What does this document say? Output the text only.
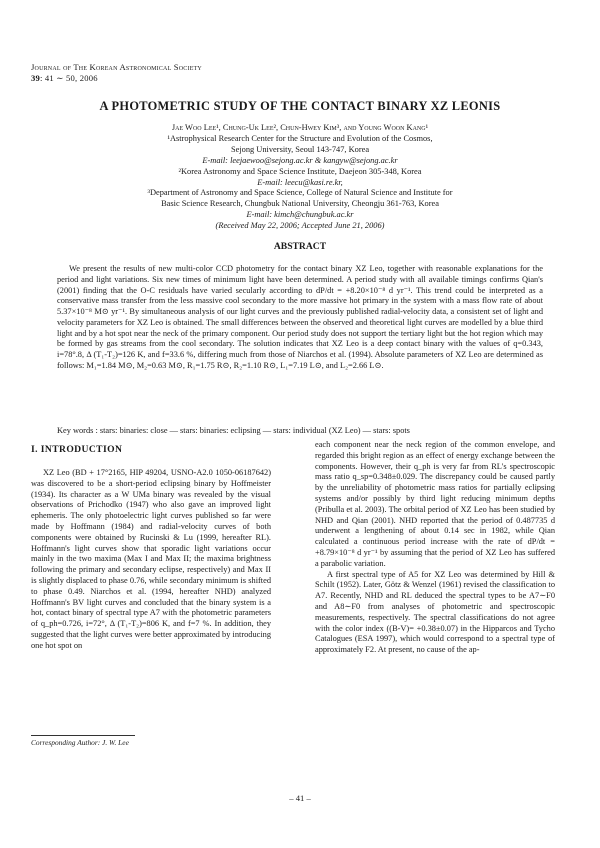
Journal of The Korean Astronomical Society
39: 41 ∼ 50, 2006
A PHOTOMETRIC STUDY OF THE CONTACT BINARY XZ LEONIS
Jae Woo Lee¹, Chung-Uk Lee², Chun-Hwey Kim³, and Young Woon Kang¹
¹Astrophysical Research Center for the Structure and Evolution of the Cosmos,
Sejong University, Seoul 143-747, Korea
E-mail: leejaewoo@sejong.ac.kr & kangyw@sejong.ac.kr
²Korea Astronomy and Space Science Institute, Daejeon 305-348, Korea
E-mail: leecu@kasi.re.kr,
³Department of Astronomy and Space Science, College of Natural Science and Institute for
Basic Science Research, Chungbuk National University, Cheongju 361-763, Korea
E-mail: kimch@chungbuk.ac.kr
(Received May 22, 2006; Accepted June 21, 2006)
ABSTRACT

We present the results of new multi-color CCD photometry for the contact binary XZ Leo, together with reasonable explanations for the period and light variations. Six new times of minimum light have been determined. A period study with all available timings confirms Qian's (2001) finding that the O-C residuals have varied secularly according to dP/dt = +8.20×10⁻⁸ d yr⁻¹. This trend could be interpreted as a conservative mass transfer from the less massive cool secondary to the more massive hot primary in the system with a mass flow rate of about 5.37×10⁻⁸ M⊙ yr⁻¹. By simultaneous analysis of our light curves and the previously published radial-velocity data, a consistent set of light and velocity parameters for XZ Leo is obtained. The small differences between the observed and theoretical light curves are modelled by a blue third light and by a hot spot near the neck of the primary component. Our period study does not support the tertiary light but the hot region which may be formed by gas streams from the cool secondary. The solution indicates that XZ Leo is a deep contact binary with the values of q=0.343, i=78°.8, Δ (T₁-T₂)=126 K, and f=33.6 %, differing much from those of Niarchos et al. (1994). Absolute parameters of XZ Leo are determined as follows: M₁=1.84 M⊙, M₂=0.63 M⊙, R₁=1.75 R⊙, R₂=1.10 R⊙, L₁=7.19 L⊙, and L₂=2.66 L⊙.

Key words : stars: binaries: close — stars: binaries: eclipsing — stars: individual (XZ Leo) — stars: spots
I. INTRODUCTION

XZ Leo (BD + 17°2165, HIP 49204, USNO-A2.0 1050-06187642) was discovered to be a short-period eclipsing binary by Hoffmeister (1934). Its character as a W UMa binary was revealed by the visual observations of Prichodko (1947) who also gave an improved light ephemeris. The only photoelectric light curves published so far were made by Hoffmann (1984) and radial-velocity curves of both components were obtained by Rucinski & Lu (1999, hereafter RL). Hoffmann's light curves show that sporadic light variations occur mainly in the two maxima (Max I and Max II; the maxima brightness following the primary and secondary eclipse, respectively) and Max II is slightly displaced to phase 0.76, while secondary minimum is shifted to phase 0.49. Niarchos et al. (1994, hereafter NHD) analyzed Hoffmann's BV light curves and concluded that the binary system is a hot, contact binary of spectral type A7 with the photometric parameters of q_ph=0.726, i=72°, Δ (T₁-T₂)=806 K, and f=7 %. In addition, they suggested that the light curves were better approximated by introducing one hot spot on

each component near the neck region of the common envelope, and regarded this bright region as an effect of energy exchange between the components. However, their q_ph is very far from RL's spectroscopic mass ratio q_sp=0.348±0.029. The discrepancy could be caused partly by the unreliability of photometric mass ratios for partially eclipsing systems and/or possibly by third light reducing minimum depths (Pribulla et al. 2003). The orbital period of XZ Leo has been studied by NHD and Qian (2001). NHD reported that the period of 0.487735 d underwent a lengthening of about 0.14 sec in 1982, while Qian calculated a continuous period increase with the rate of dP/dt = +8.79×10⁻⁸ d yr⁻¹ by assuming that the period of XZ Leo has suffered a parabolic variation.

A first spectral type of A5 for XZ Leo was determined by Hill & Schilt (1952). Later, Götz & Wenzel (1961) revised the classification to A7. Recently, NHD and RL deduced the spectral types to be A7∼F0 and A8∼F0 from analyses of photometric and spectroscopic measurements, respectively. The spectral classifications do not agree with the color index ((B-V)= +0.38±0.07) in the Hipparcos and Tycho Catalogues (ESA 1997), which would correspond to a spectral type of approximately F2. At present, no cause of the ap-

Corresponding Author: J. W. Lee
– 41 –
